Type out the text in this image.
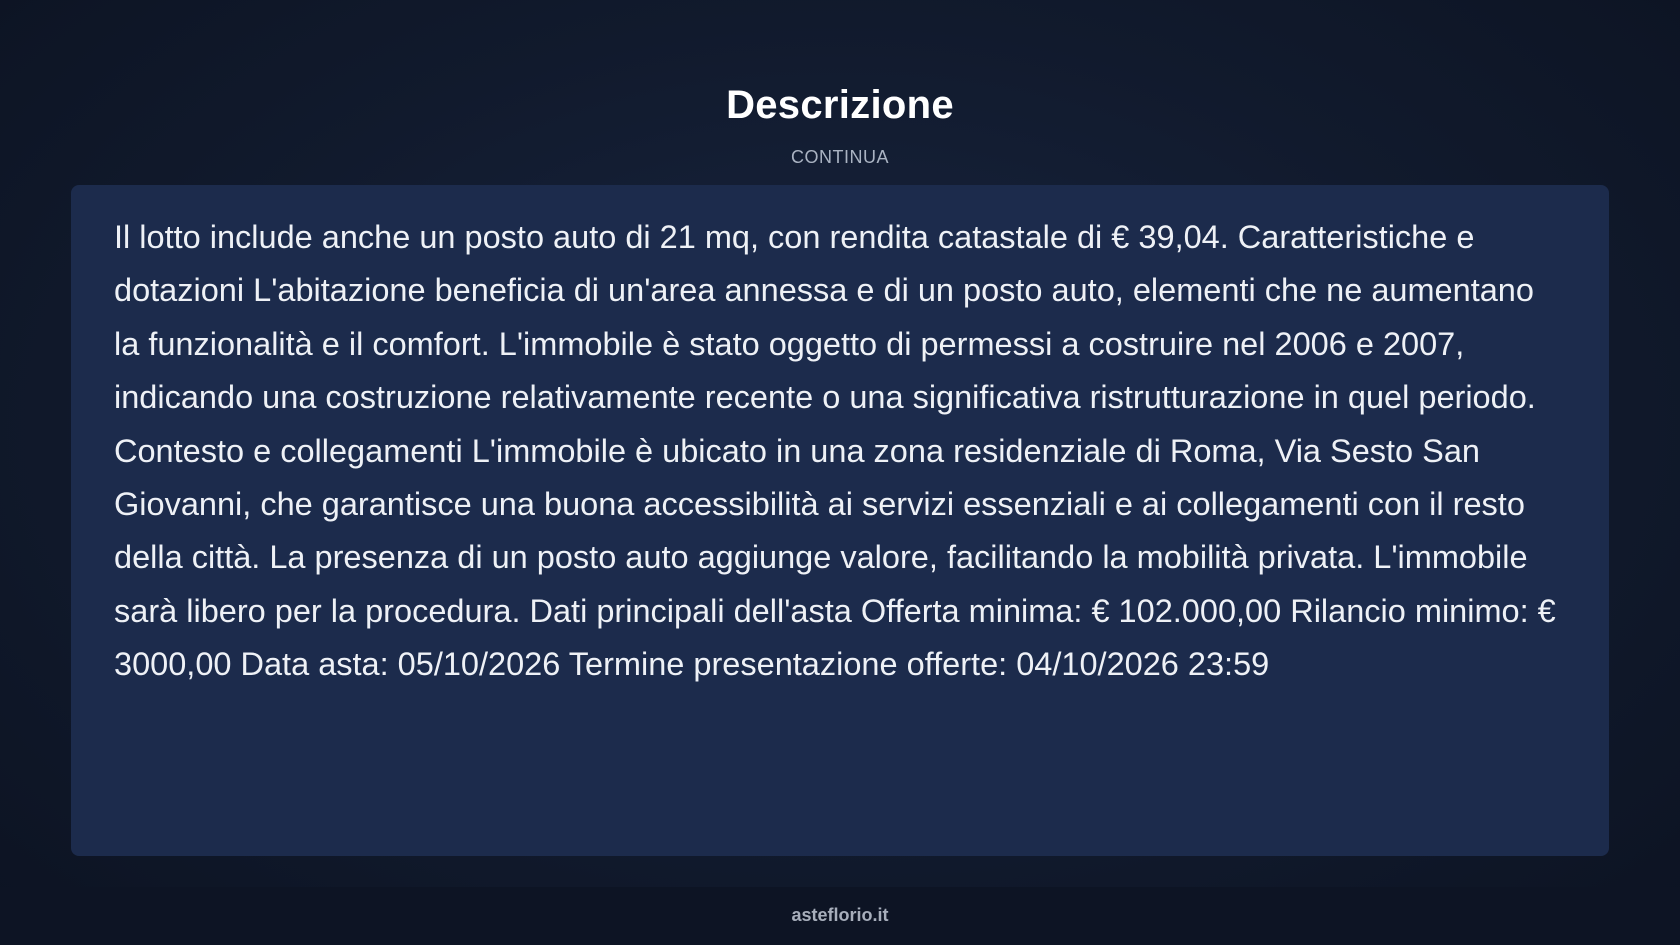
Descrizione
CONTINUA

Il lotto include anche un posto auto di 21 mq, con rendita catastale di € 39,04. Caratteristiche e dotazioni L'abitazione beneficia di un'area annessa e di un posto auto, elementi che ne aumentano la funzionalità e il comfort. L'immobile è stato oggetto di permessi a costruire nel 2006 e 2007, indicando una costruzione relativamente recente o una significativa ristrutturazione in quel periodo. Contesto e collegamenti L'immobile è ubicato in una zona residenziale di Roma, Via Sesto San Giovanni, che garantisce una buona accessibilità ai servizi essenziali e ai collegamenti con il resto della città. La presenza di un posto auto aggiunge valore, facilitando la mobilità privata. L'immobile sarà libero per la procedura. Dati principali dell'asta Offerta minima: € 102.000,00 Rilancio minimo: € 3000,00 Data asta: 05/10/2026 Termine presentazione offerte: 04/10/2026 23:59

asteflorio.it
